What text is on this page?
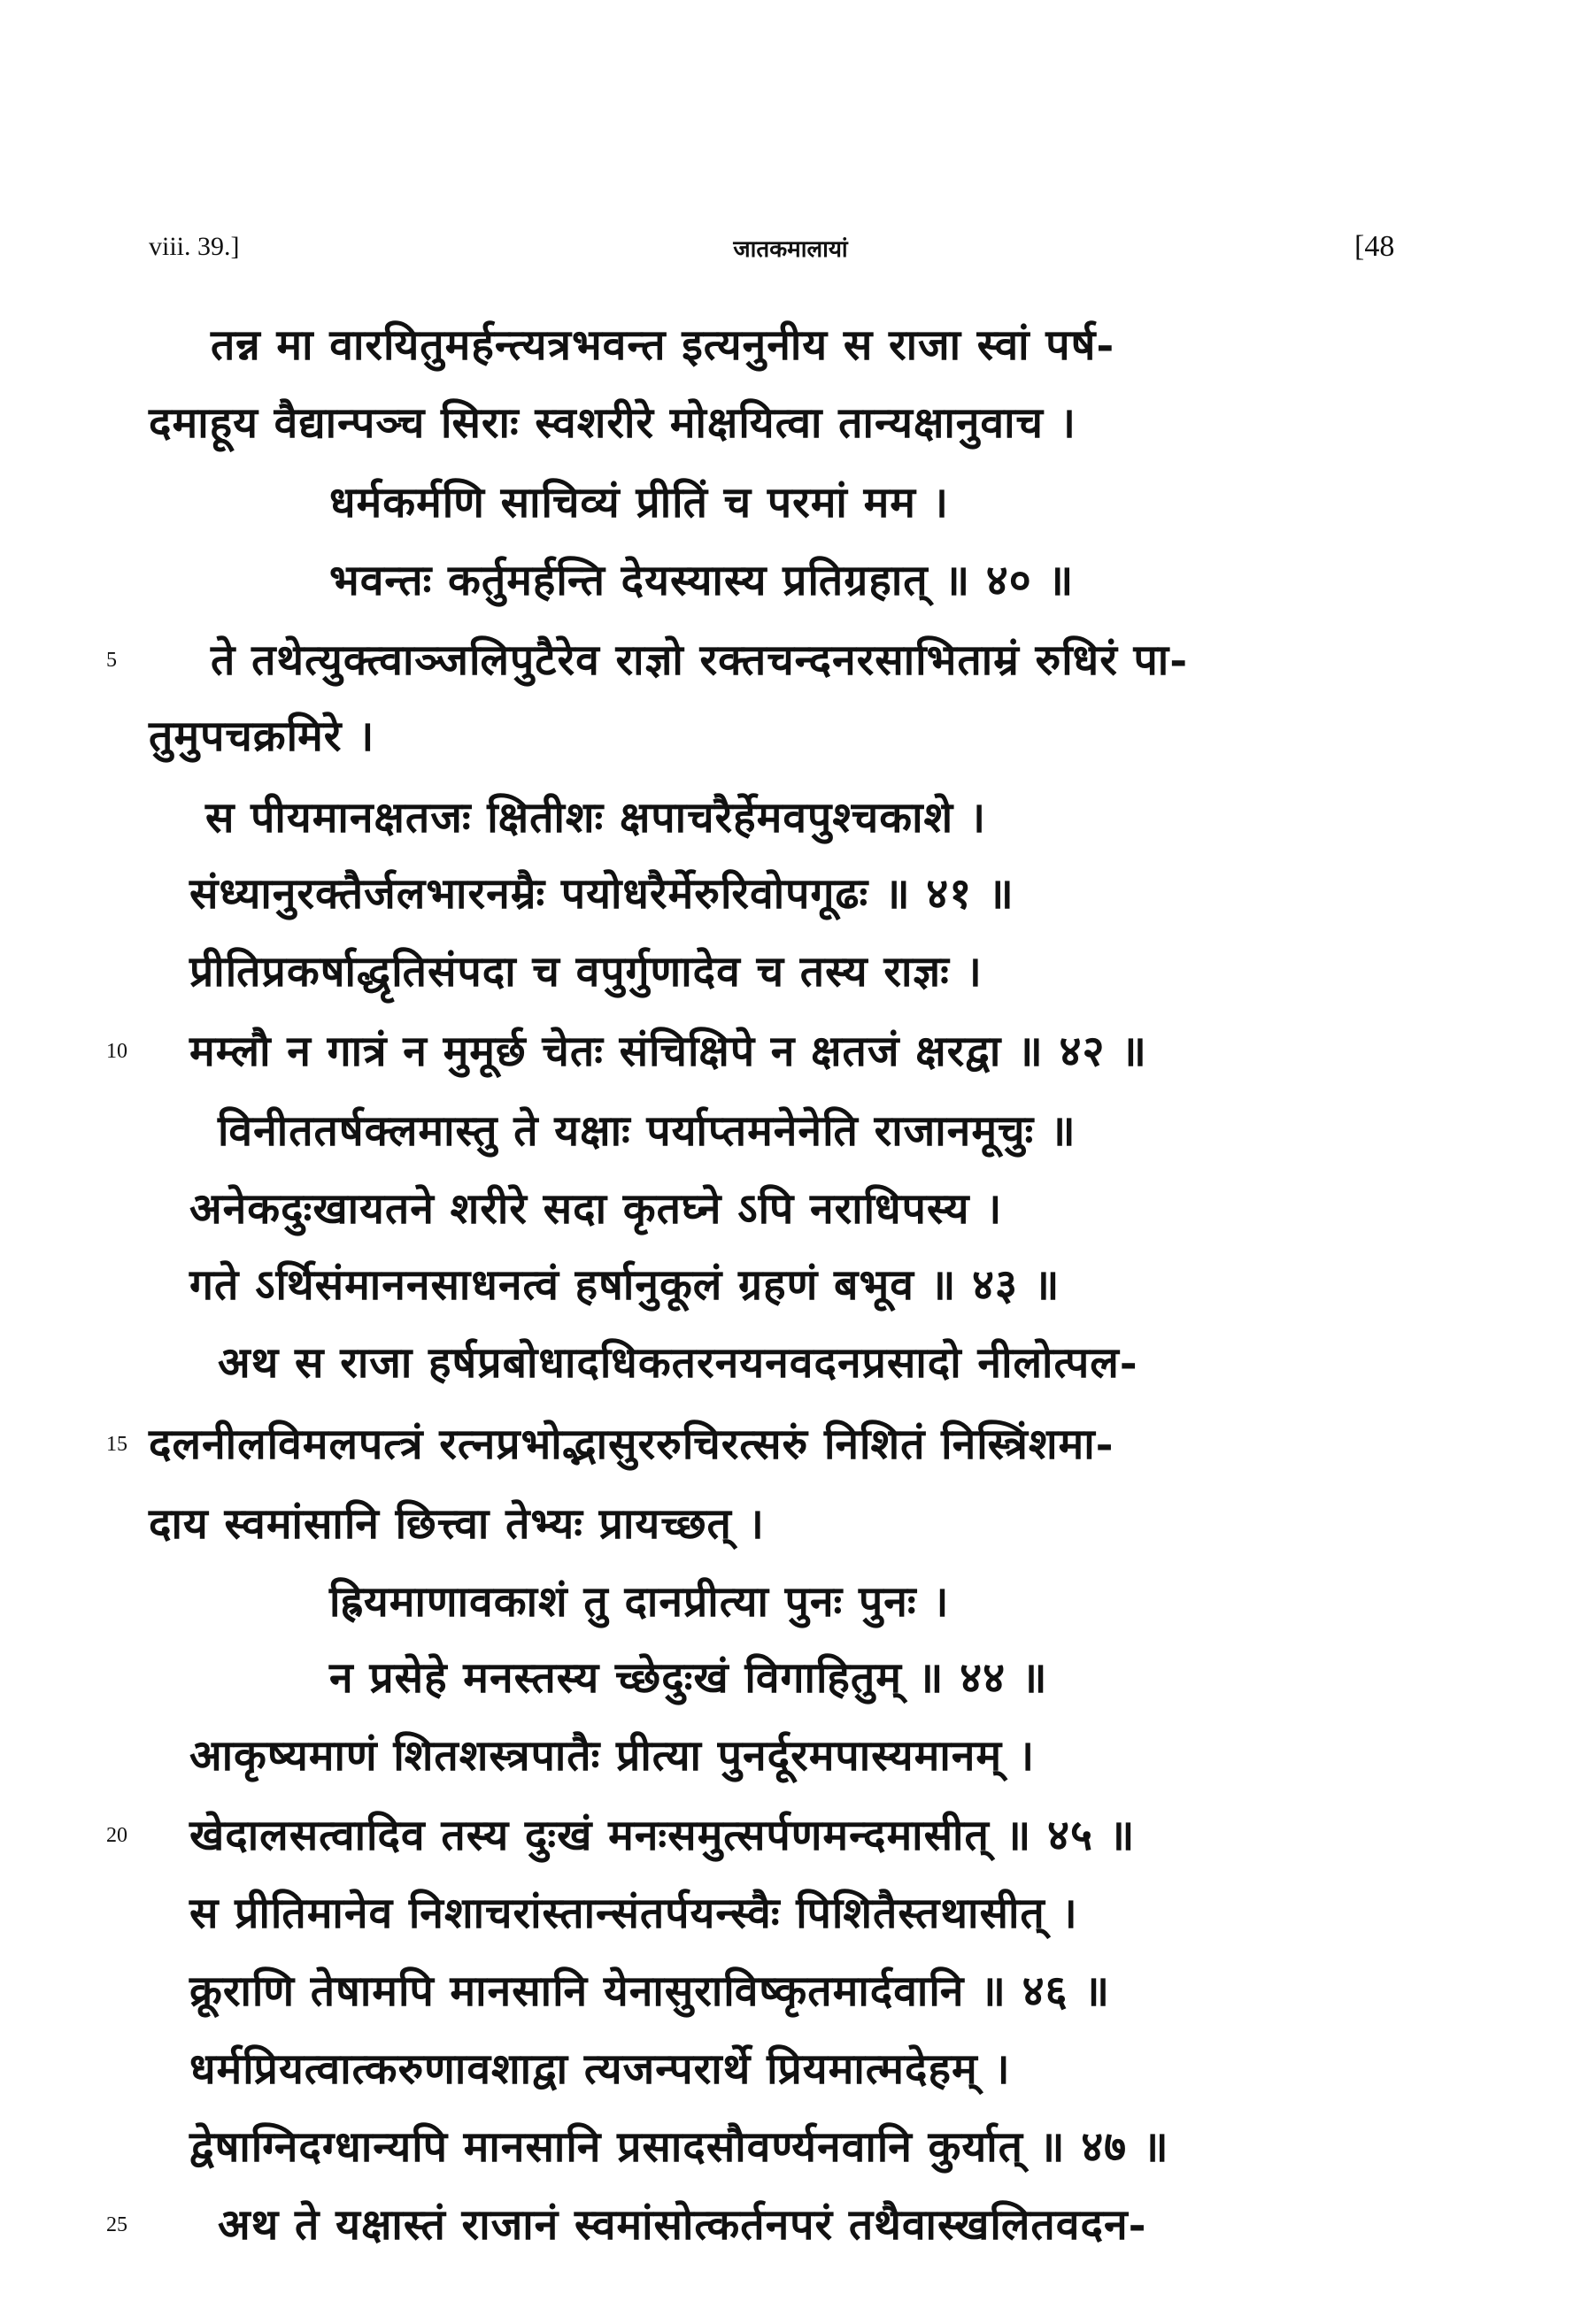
viii. 39.]	जातकमालायां	[48
तन्न मा वारयितुमर्हन्त्यत्रभवन्त इत्यनुनीय स राजा स्वां पर्ष-
दमाहूय वैद्यान्पञ्च सिराः स्वशरीरे मोक्षयित्वा तान्यक्षानुवाच ।
धर्मकर्मणि साचिव्यं प्रीतिं च परमां मम ।
भवन्तः कर्तुमर्हन्ति देयस्यास्य प्रतिग्रहात् ॥ ४० ॥
5 ते तथेत्युक्त्वाञ्जलिपुटैरेव राज्ञो रक्तचन्दनरसाभिताम्रं रुधिरं पा-
तुमुपचक्रमिरे ।
स पीयमानक्षतजः क्षितीशः क्षपाचरैर्हेमवपुश्चकाशे ।
संध्यानुरक्तैर्जलभारनम्रैः पयोधरैर्मेरुरिवोपगूढः ॥ ४१ ॥
प्रीतिप्रकर्षाद्धृतिसंपदा च वपुर्गुणादेव च तस्य राज्ञः ।
10 मम्लौ न गात्रं न मुमूर्छ चेतः संचिक्षिपे न क्षतजं क्षरद्वा ॥ ४२ ॥
विनीततर्षक्लमास्तु ते यक्षाः पर्याप्तमनेनेति राजानमूचुः ॥
अनेकदुःखायतने शरीरे सदा कृतघ्ने ऽपि नराधिपस्य ।
गते ऽर्थिसंमाननसाधनत्वं हर्षानुकूलं ग्रहणं बभूव ॥ ४३ ॥
अथ स राजा हर्षप्रबोधादधिकतरनयनवदनप्रसादो नीलोत्पल-
15 दलनीलविमलपत्त्रं रत्नप्रभोद्भासुररुचिरत्सरुं निशितं निस्त्रिंशमा-
दाय स्वमांसानि छित्त्वा तेभ्यः प्रायच्छत् ।
ह्रियमाणावकाशं तु दानप्रीत्या पुनः पुनः ।
न प्रसेहे मनस्तस्य च्छेदुःखं विगाहितुम् ॥ ४४ ॥
आकृष्यमाणं शितशस्त्रपातैः प्रीत्या पुनर्दूरमपास्यमानम् ।
20 खेदालसत्वादिव तस्य दुःखं मनःसमुत्सर्पणमन्दमासीत् ॥ ४५ ॥
स प्रीतिमानेव निशाचरांस्तान्संतर्पयन्स्वैः पिशितैस्तथासीत् ।
क्रूराणि तेषामपि मानसानि येनासुराविष्कृतमार्दवानि ॥ ४६ ॥
धर्मप्रियत्वात्करुणावशाद्वा त्यजन्परार्थे प्रियमात्मदेहम् ।
द्वेषाग्निदग्धान्यपि मानसानि प्रसादसौवर्ण्यनवानि कुर्यात् ॥ ४७ ॥
25 अथ ते यक्षास्तं राजानं स्वमांसोत्कर्तनपरं तथैवास्खलितवदन-
